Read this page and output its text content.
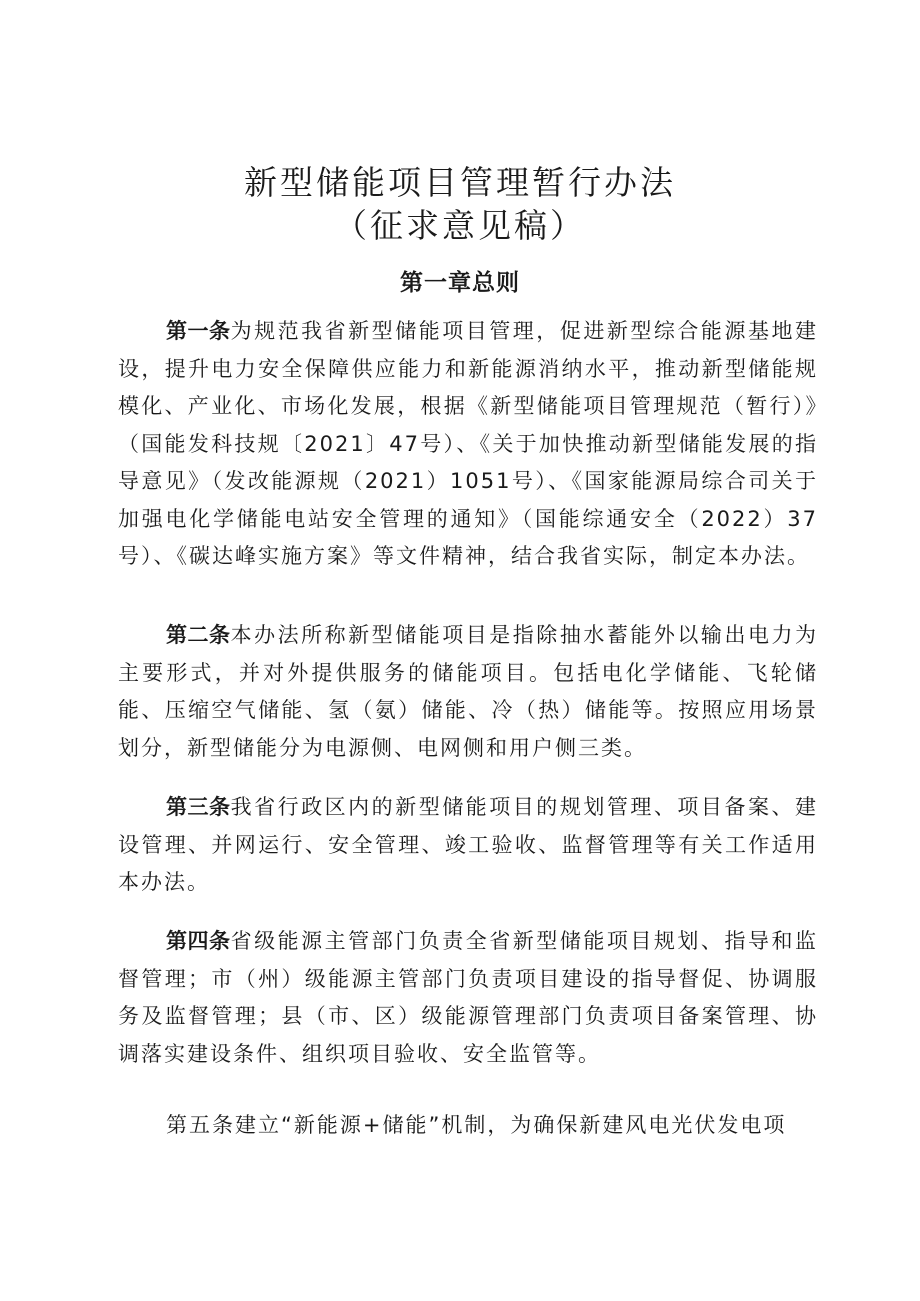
新型储能项目管理暂行办法
（征求意见稿）
第一章总则

第一条为规范我省新型储能项目管理，促进新型综合能源基地建设，提升电力安全保障供应能力和新能源消纳水平，推动新型储能规模化、产业化、市场化发展，根据《新型储能项目管理规范（暂行）》（国能发科技规〔2021〕47号）、《关于加快推动新型储能发展的指导意见》（发改能源规（2021）1051号）、《国家能源局综合司关于加强电化学储能电站安全管理的通知》（国能综通安全（2022）37号）、《碳达峰实施方案》等文件精神，结合我省实际，制定本办法。

第二条本办法所称新型储能项目是指除抽水蓄能外以输出电力为主要形式，并对外提供服务的储能项目。包括电化学储能、飞轮储能、压缩空气储能、氢（氨）储能、冷（热）储能等。按照应用场景划分，新型储能分为电源侧、电网侧和用户侧三类。

第三条我省行政区内的新型储能项目的规划管理、项目备案、建设管理、并网运行、安全管理、竣工验收、监督管理等有关工作适用本办法。

第四条省级能源主管部门负责全省新型储能项目规划、指导和监督管理；市（州）级能源主管部门负责项目建设的指导督促、协调服务及监督管理；县（市、区）级能源管理部门负责项目备案管理、协调落实建设条件、组织项目验收、安全监管等。

第五条建立“新能源+储能”机制，为确保新建风电光伏发电项
